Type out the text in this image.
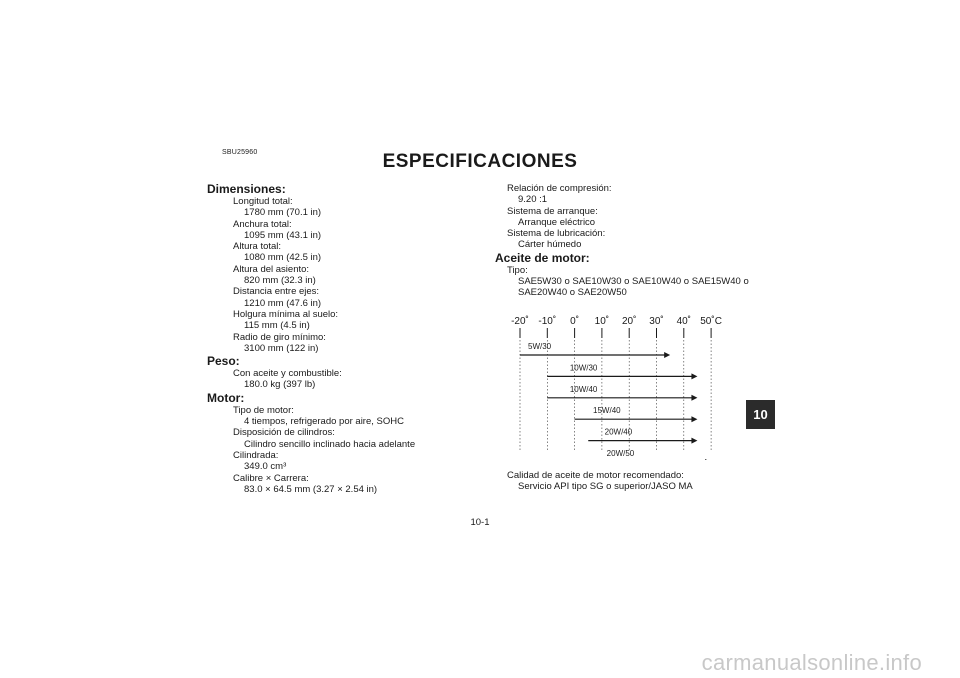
SBU25960	ESPECIFICACIONES
Dimensiones:
Longitud total:
1780 mm (70.1 in)
Anchura total:
1095 mm (43.1 in)
Altura total:
1080 mm (42.5 in)
Altura del asiento:
820 mm (32.3 in)
Distancia entre ejes:
1210 mm (47.6 in)
Holgura mínima al suelo:
115 mm (4.5 in)
Radio de giro mínimo:
3100 mm (122 in)
Peso:
Con aceite y combustible:
180.0 kg (397 lb)
Motor:
Tipo de motor:
4 tiempos, refrigerado por aire, SOHC
Disposición de cilindros:
Cilindro sencillo inclinado hacia adelante
Cilindrada:
349.0 cm³
Calibre × Carrera:
83.0 × 64.5 mm (3.27 × 2.54 in)
Relación de compresión:
9.20 :1
Sistema de arranque:
Arranque eléctrico
Sistema de lubricación:
Cárter húmedo
Aceite de motor:
Tipo:
SAE5W30 o SAE10W30 o SAE10W40 o SAE15W40 o
SAE20W40 o SAE20W50
-20˚ -10˚ 0˚ 10˚ 20˚ 30˚ 40˚ 50˚C
5W/30
10W/30
10W/40
15W/40
20W/40
20W/50
Calidad de aceite de motor recomendado:
Servicio API tipo SG o superior/JASO MA
10
10-1
carmanualsonline.info
